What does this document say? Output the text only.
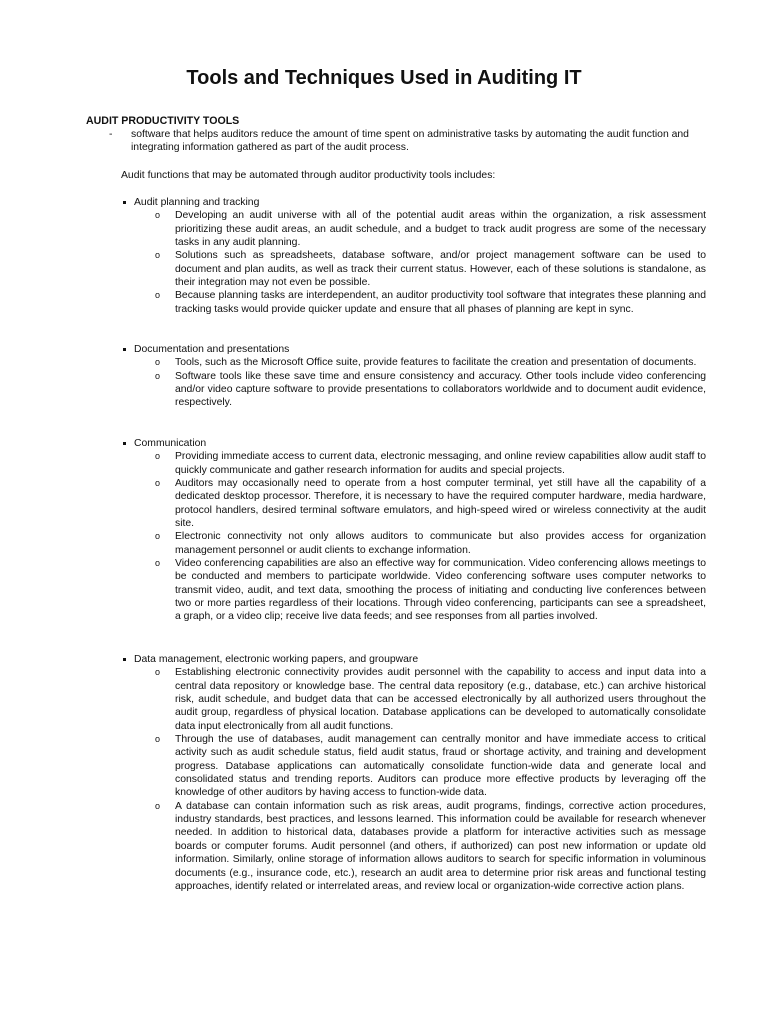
Tools and Techniques Used in Auditing IT
AUDIT PRODUCTIVITY TOOLS
- software that helps auditors reduce the amount of time spent on administrative tasks by automating the audit function and integrating information gathered as part of the audit process.

Audit functions that may be automated through auditor productivity tools includes:

Audit planning and tracking
o Developing an audit universe with all of the potential audit areas within the organization, a risk assessment prioritizing these audit areas, an audit schedule, and a budget to track audit progress are some of the necessary tasks in any audit planning.
o Solutions such as spreadsheets, database software, and/or project management software can be used to document and plan audits, as well as track their current status. However, each of these solutions is standalone, as their integration may not even be possible.
o Because planning tasks are interdependent, an auditor productivity tool software that integrates these planning and tracking tasks would provide quicker update and ensure that all phases of planning are kept in sync.
Documentation and presentations
o Tools, such as the Microsoft Office suite, provide features to facilitate the creation and presentation of documents.
o Software tools like these save time and ensure consistency and accuracy. Other tools include video conferencing and/or video capture software to provide presentations to collaborators worldwide and to document audit evidence, respectively.
Communication
o Providing immediate access to current data, electronic messaging, and online review capabilities allow audit staff to quickly communicate and gather research information for audits and special projects.
o Auditors may occasionally need to operate from a host computer terminal, yet still have all the capability of a dedicated desktop processor. Therefore, it is necessary to have the required computer hardware, media hardware, protocol handlers, desired terminal software emulators, and high-speed wired or wireless connectivity at the audit site.
o Electronic connectivity not only allows auditors to communicate but also provides access for organization management personnel or audit clients to exchange information.
o Video conferencing capabilities are also an effective way for communication. Video conferencing allows meetings to be conducted and members to participate worldwide. Video conferencing software uses computer networks to transmit video, audit, and text data, smoothing the process of initiating and conducting live conferences between two or more parties regardless of their locations. Through video conferencing, participants can see a spreadsheet, a graph, or a video clip; receive live data feeds; and see responses from all parties involved.
Data management, electronic working papers, and groupware
o Establishing electronic connectivity provides audit personnel with the capability to access and input data into a central data repository or knowledge base. The central data repository (e.g., database, etc.) can archive historical risk, audit schedule, and budget data that can be accessed electronically by all authorized users throughout the audit group, regardless of physical location. Database applications can be developed to automatically consolidate data input electronically from all audit functions.
o Through the use of databases, audit management can centrally monitor and have immediate access to critical activity such as audit schedule status, field audit status, fraud or shortage activity, and training and development progress. Database applications can automatically consolidate function-wide data and generate local and consolidated status and trending reports. Auditors can produce more effective products by leveraging off the knowledge of other auditors by having access to function-wide data.
o A database can contain information such as risk areas, audit programs, findings, corrective action procedures, industry standards, best practices, and lessons learned. This information could be available for research whenever needed. In addition to historical data, databases provide a platform for interactive activities such as message boards or computer forums. Audit personnel (and others, if authorized) can post new information or update old information. Similarly, online storage of information allows auditors to search for specific information in voluminous documents (e.g., insurance code, etc.), research an audit area to determine prior risk areas and functional testing approaches, identify related or interrelated areas, and review local or organization-wide corrective action plans.
